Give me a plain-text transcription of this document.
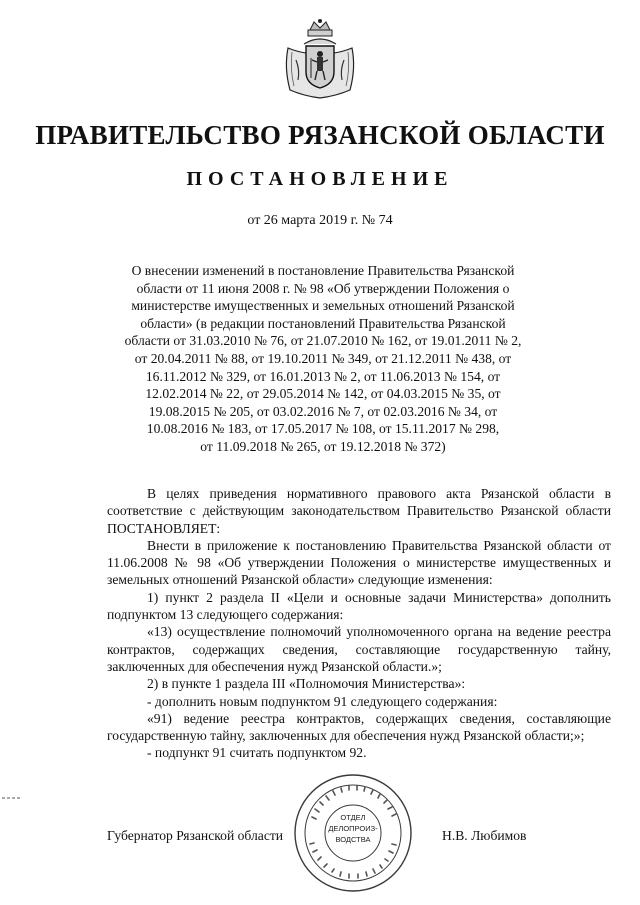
ПРАВИТЕЛЬСТВО РЯЗАНСКОЙ ОБЛАСТИ
ПОСТАНОВЛЕНИЕ
от 26 марта 2019 г. № 74
О внесении изменений в постановление Правительства Рязанской
области от 11 июня 2008 г. № 98 «Об утверждении Положения о
министерстве имущественных и земельных отношений Рязанской
области» (в редакции постановлений Правительства Рязанской
области от 31.03.2010 № 76, от 21.07.2010 № 162, от 19.01.2011 № 2,
от 20.04.2011 № 88, от 19.10.2011 № 349, от 21.12.2011 № 438, от
16.11.2012 № 329, от 16.01.2013 № 2, от 11.06.2013 № 154, от
12.02.2014 № 22, от 29.05.2014 № 142, от 04.03.2015 № 35, от
19.08.2015 № 205, от 03.02.2016 № 7, от 02.03.2016 № 34, от
10.08.2016 № 183, от 17.05.2017 № 108, от 15.11.2017 № 298,
от 11.09.2018 № 265, от 19.12.2018 № 372)

В целях приведения нормативного правового акта Рязанской области в соответствие с действующим законодательством Правительство Рязанской области ПОСТАНОВЛЯЕТ:

Внести в приложение к постановлению Правительства Рязанской области от 11.06.2008 № 98 «Об утверждении Положения о министерстве имущественных и земельных отношений Рязанской области» следующие изменения:

1) пункт 2 раздела II «Цели и основные задачи Министерства» дополнить подпунктом 13 следующего содержания:

«13) осуществление полномочий уполномоченного органа на ведение реестра контрактов, содержащих сведения, составляющие государственную тайну, заключенных для обеспечения нужд Рязанской области.»;

2) в пункте 1 раздела III «Полномочия Министерства»:

- дополнить новым подпунктом 91 следующего содержания:

«91) ведение реестра контрактов, содержащих сведения, составляющие государственную тайну, заключенных для обеспечения нужд Рязанской области;»;

- подпункт 91 считать подпунктом 92.

ОТДЕЛ
ДЕЛОПРОИЗ-
ВОДСТВА
Губернатор Рязанской области	Н.В. Любимов
